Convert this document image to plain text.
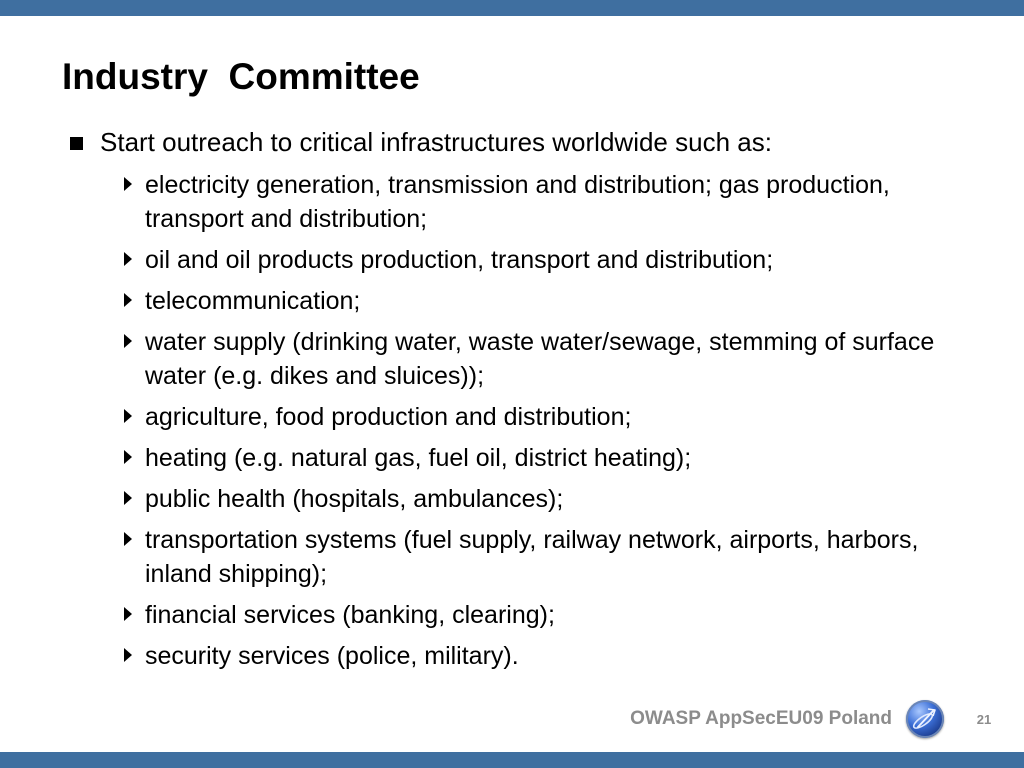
Industry  Committee
Start outreach to critical infrastructures worldwide such as:
electricity generation, transmission and distribution; gas production, transport and distribution;
oil and oil products production, transport and distribution;
telecommunication;
water supply (drinking water, waste water/sewage, stemming of surface water (e.g. dikes and sluices));
agriculture, food production and distribution;
heating (e.g. natural gas, fuel oil, district heating);
public health (hospitals, ambulances);
transportation systems (fuel supply, railway network, airports, harbors, inland shipping);
financial services (banking, clearing);
security services (police, military).
OWASP AppSecEU09 Poland	21
